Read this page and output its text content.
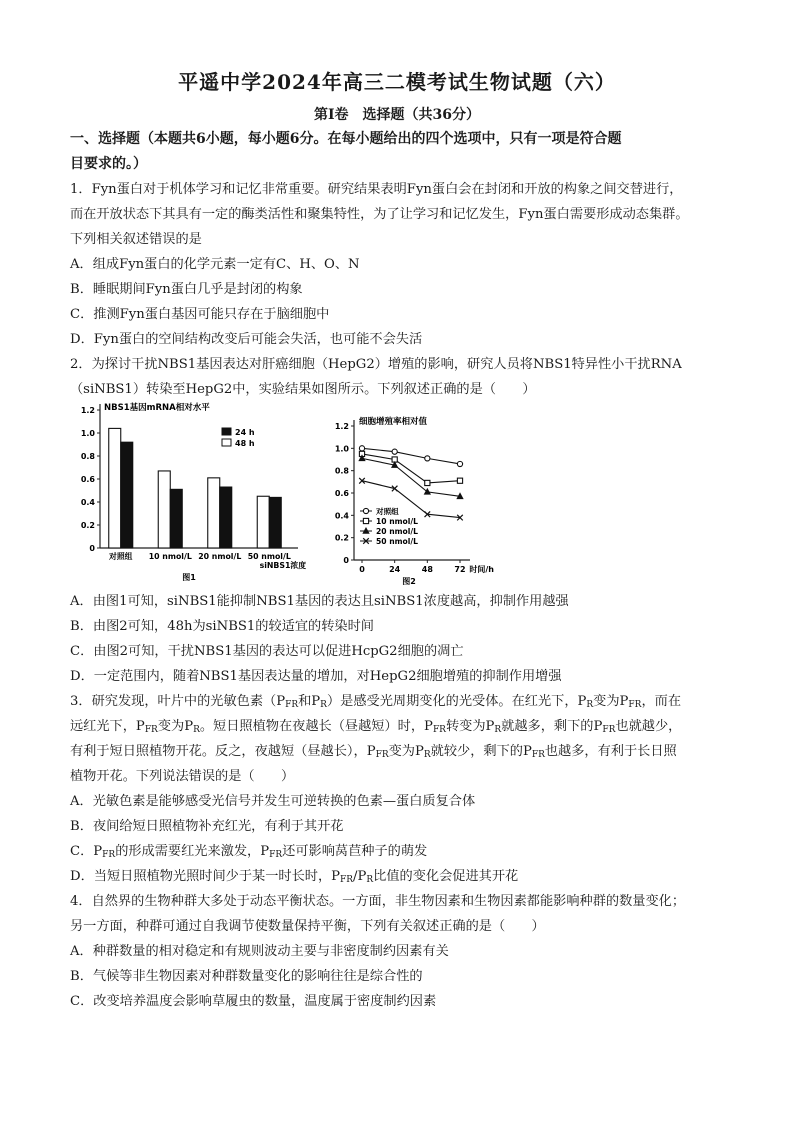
平遥中学2024年高三二模考试生物试题（六）
第Ⅰ卷　选择题（共36分）
一、选择题（本题共6小题，每小题6分。在每小题给出的四个选项中，只有一项是符合题
目要求的。）
1．Fyn蛋白对于机体学习和记忆非常重要。研究结果表明Fyn蛋白会在封闭和开放的构象之间交替进行，
而在开放状态下其具有一定的酶类活性和聚集特性，为了让学习和记忆发生，Fyn蛋白需要形成动态集群。
下列相关叙述错误的是
A．组成Fyn蛋白的化学元素一定有C、H、O、N
B．睡眠期间Fyn蛋白几乎是封闭的构象
C．推测Fyn蛋白基因可能只存在于脑细胞中
D．Fyn蛋白的空间结构改变后可能会失活，也可能不会失活
2．为探讨干扰NBS1基因表达对肝癌细胞（HepG2）增殖的影响，研究人员将NBS1特异性小干扰RNA
（siNBS1）转染至HepG2中，实验结果如图所示。下列叙述正确的是（　　）
0
0.2
0.4
0.6
0.8
1.0
1.2 NBS1基因mRNA相对水平
对照组 10 nmol/L 20 nmol/L 50 nmol/L
siNBS1浓度
图1
24 h
48 h
0
0.2
0.4
0.6
0.8
1.0
1.2
0	24	48	72 时间/h
细胞增殖率相对值
图2
对照组
10 nmol/L
20 nmol/L
50 nmol/L
A．由图1可知，siNBS1能抑制NBS1基因的表达且siNBS1浓度越高，抑制作用越强
B．由图2可知，48h为siNBS1的较适宜的转染时间
C．由图2可知，干扰NBS1基因的表达可以促进HcpG2细胞的凋亡
D．一定范围内，随着NBS1基因表达量的增加，对HepG2细胞增殖的抑制作用增强
3．研究发现，叶片中的光敏色素（$P_{FR}$和$P_R$）是感受光周期变化的光受体。在红光下，$P_R$变为$P_{FR}$，而在
远红光下，$P_{FR}$变为$P_R$。短日照植物在夜越长（昼越短）时，$P_{FR}$转变为$P_R$就越多，剩下的$P_{FR}$也就越少，
有利于短日照植物开花。反之，夜越短（昼越长），$P_{FR}$变为$P_R$就较少，剩下的$P_{FR}$也越多，有利于长日照
植物开花。下列说法错误的是（　　）
A．光敏色素是能够感受光信号并发生可逆转换的色素—蛋白质复合体
B．夜间给短日照植物补充红光，有利于其开花
C．$P_{FR}$的形成需要红光来激发，$P_{FR}$还可影响莴苣种子的萌发
D．当短日照植物光照时间少于某一时长时，$P_{FR}/P_R$比值的变化会促进其开花
4．自然界的生物种群大多处于动态平衡状态。一方面，非生物因素和生物因素都能影响种群的数量变化；
另一方面，种群可通过自我调节使数量保持平衡，下列有关叙述正确的是（　　）
A．种群数量的相对稳定和有规则波动主要与非密度制约因素有关
B．气候等非生物因素对种群数量变化的影响往往是综合性的
C．改变培养温度会影响草履虫的数量，温度属于密度制约因素
